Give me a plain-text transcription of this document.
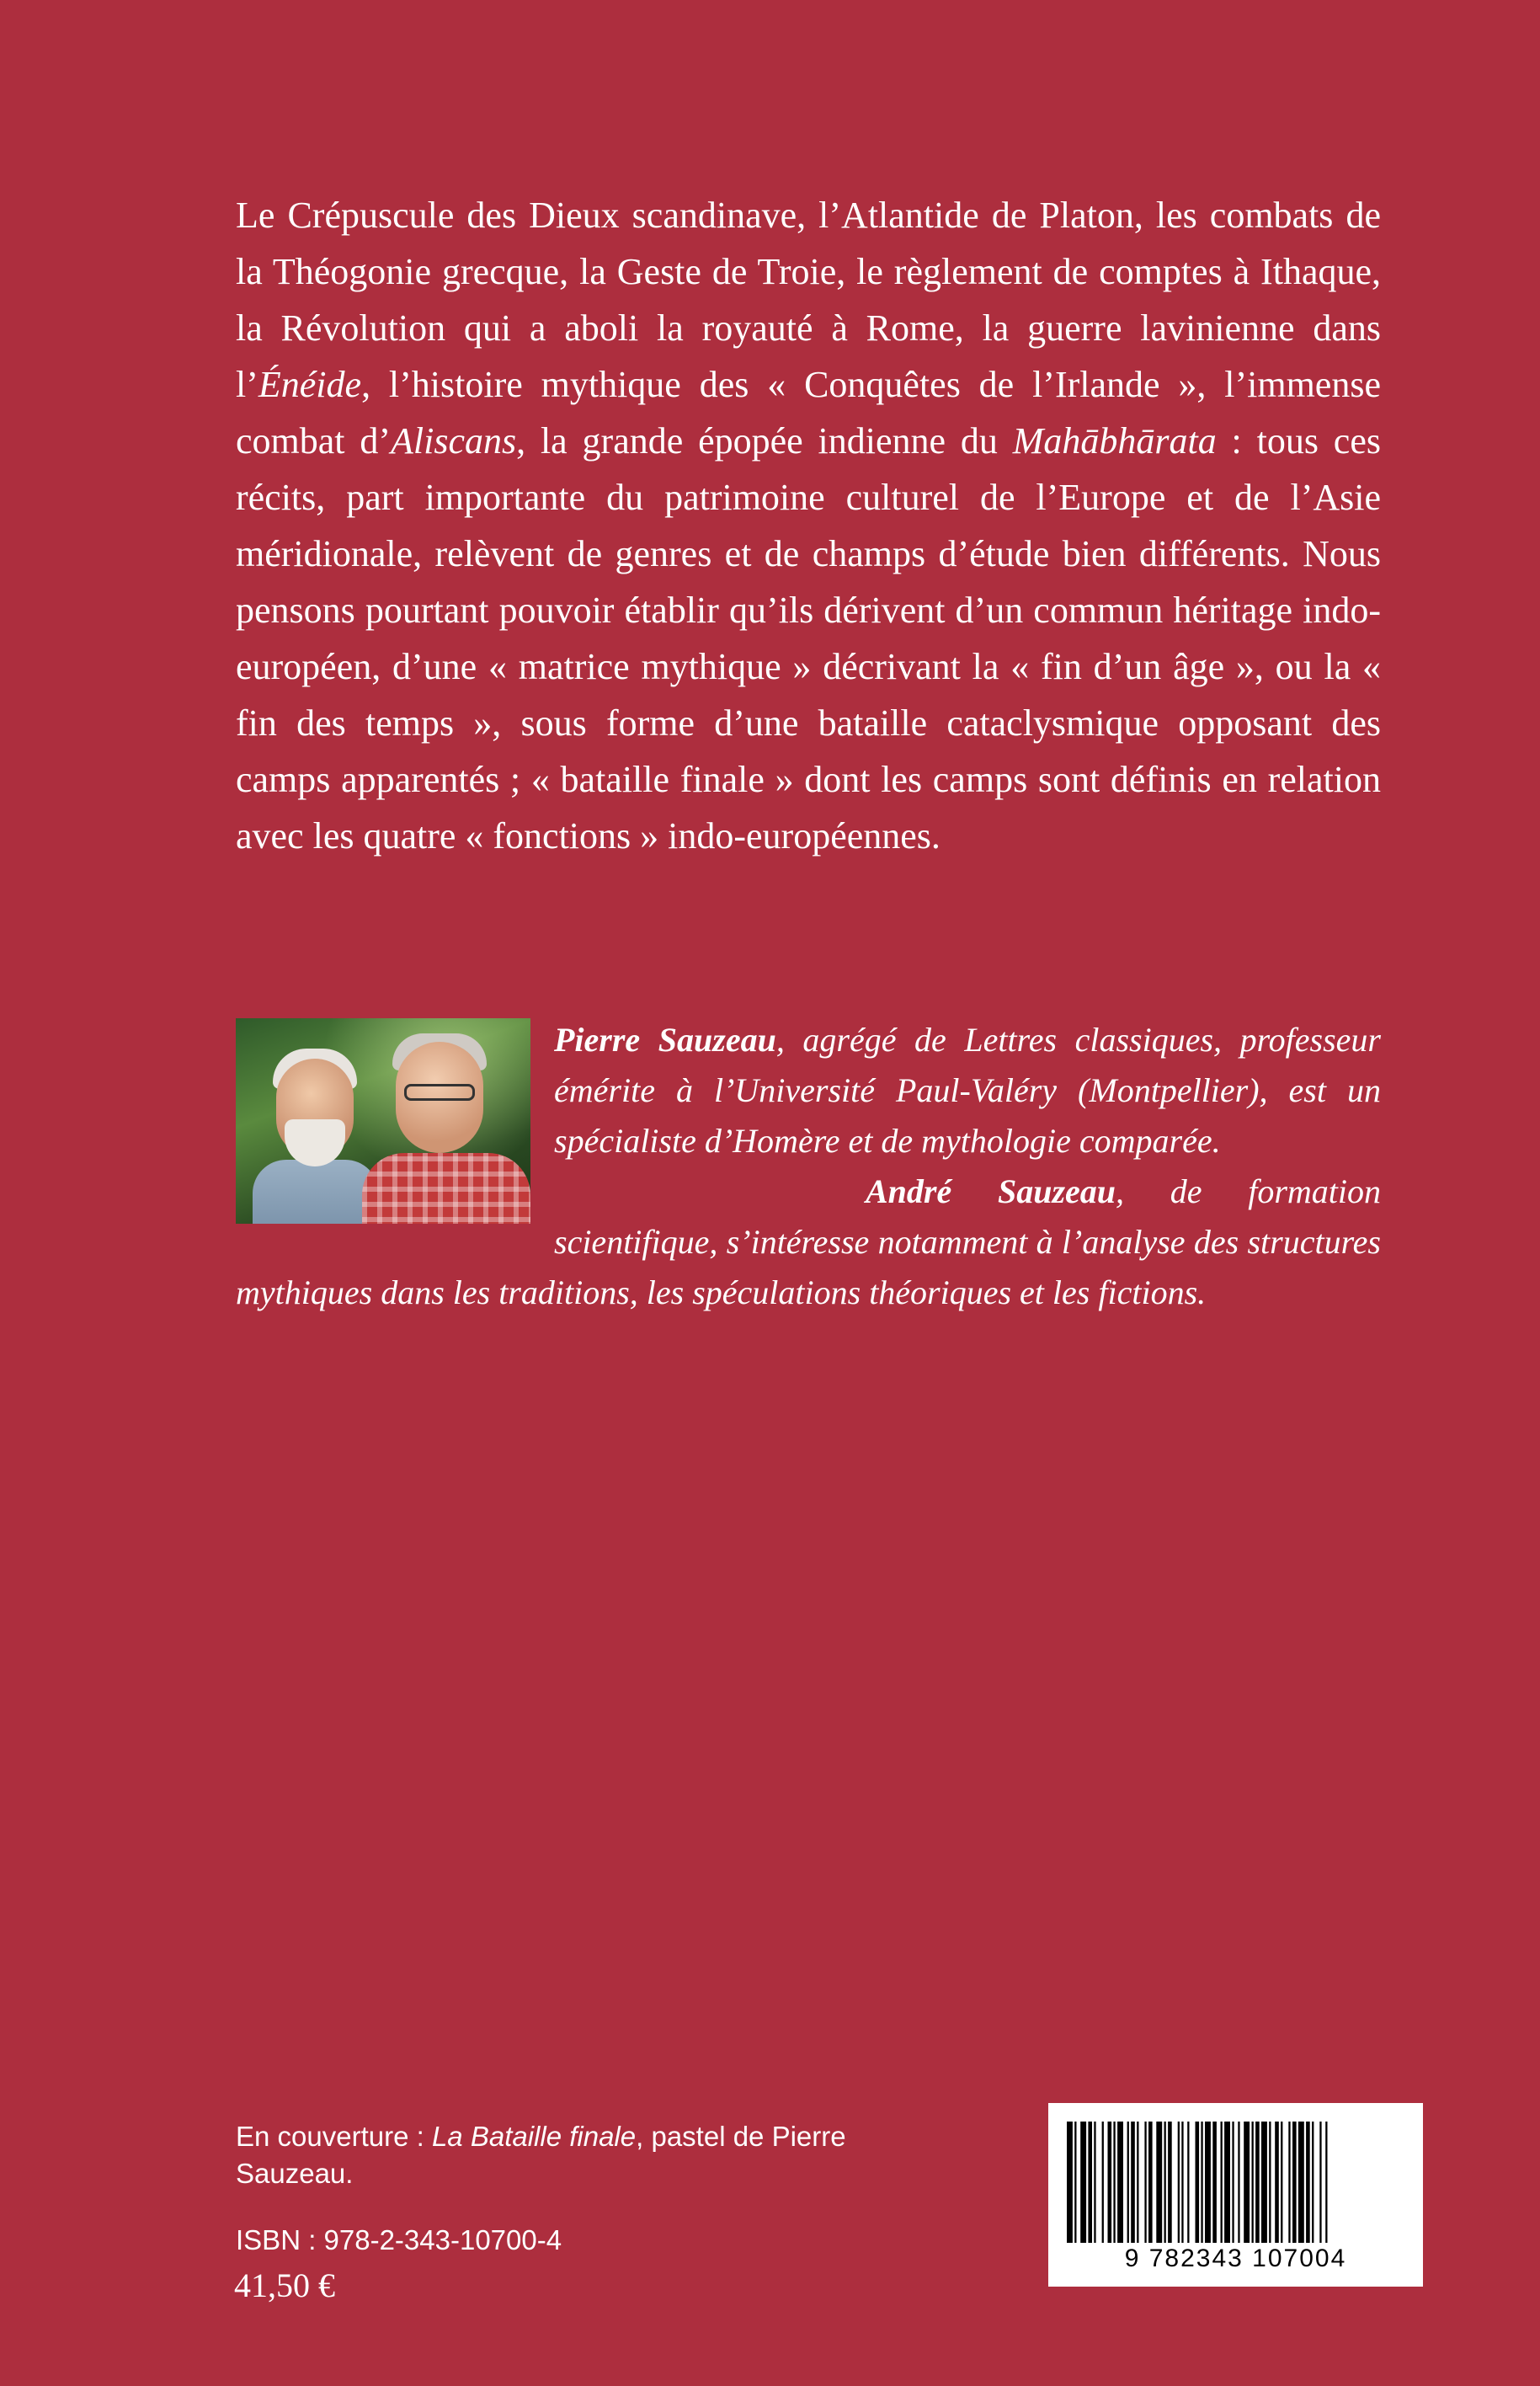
Le Crépuscule des Dieux scandinave, l’Atlantide de Platon, les combats de la Théogonie grecque, la Geste de Troie, le règlement de comptes à Ithaque, la Révolution qui a aboli la royauté à Rome, la guerre lavinienne dans l’Énéide, l’histoire mythique des « Conquêtes de l’Irlande », l’immense combat d’Aliscans, la grande épopée indienne du Mahābhārata : tous ces récits, part importante du patrimoine culturel de l’Europe et de l’Asie méridionale, relèvent de genres et de champs d’étude bien différents. Nous pensons pourtant pouvoir établir qu’ils dérivent d’un commun héritage indo-européen, d’une « matrice mythique » décrivant la « fin d’un âge », ou la « fin des temps », sous forme d’une bataille cataclysmique opposant des camps apparentés ; « bataille finale » dont les camps sont définis en relation avec les quatre « fonctions » indo-européennes.

Pierre Sauzeau, agrégé de Lettres classiques, professeur émérite à l’Université Paul-Valéry (Montpellier), est un spécialiste d’Homère et de mythologie comparée.

André Sauzeau, de formation scientifique, s’intéresse notamment à l’analyse des structures mythiques dans les traditions, les spéculations théoriques et les fictions.

En couverture : La Bataille finale, pastel de Pierre Sauzeau.
ISBN : 978-2-343-10700-4
41,50 €
9 782343 107004
